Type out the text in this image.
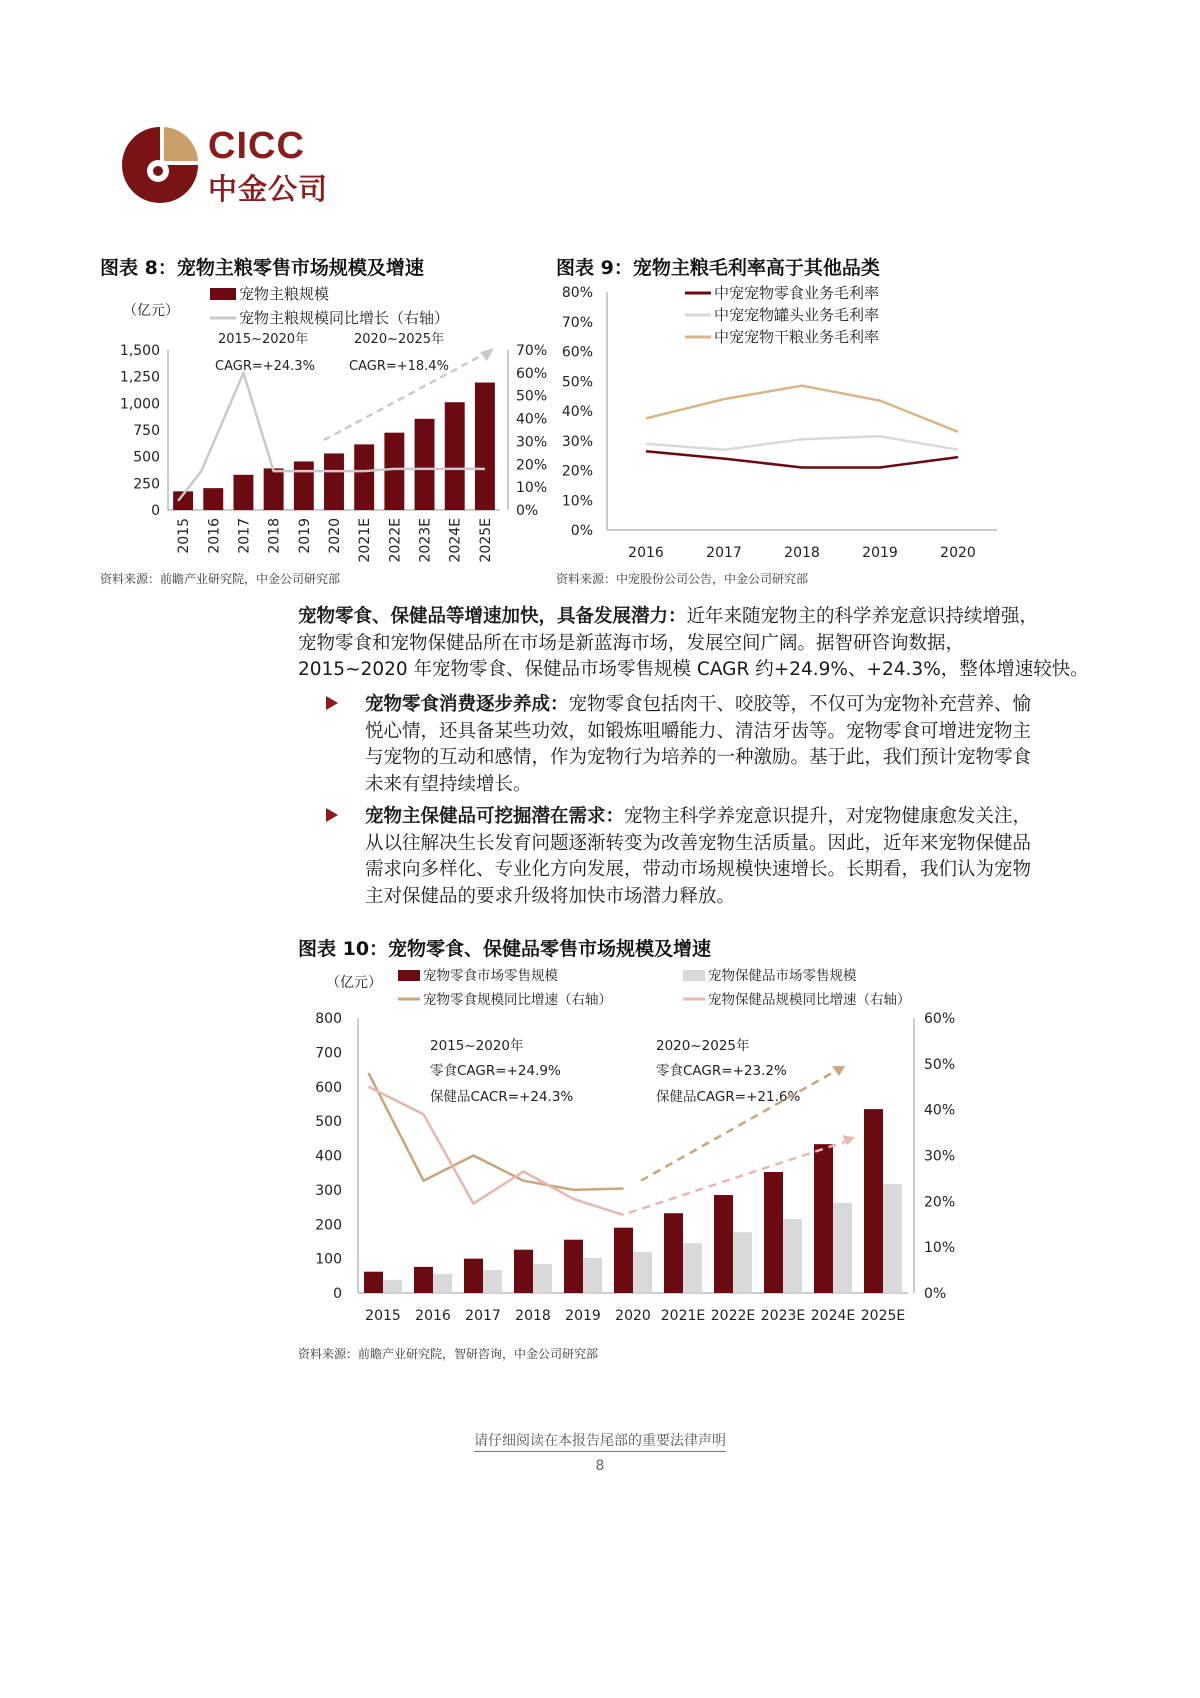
CICC
中金公司
图表 8：宠物主粮零售市场规模及增速
宠物主粮规模
宠物主粮规模同比增长（右轴）
（亿元）
2015~2020年
CAGR=+24.3%
2020~2025年
CAGR=+18.4%
1,500
1,250
1,000
750
500
250
0
70%
60%
50%
40%
30%
20%
10%
0%
2015 2016 2017 2018 2019 2020 2021E 2022E 2023E 2024E 2025E
资料来源：前瞻产业研究院，中金公司研究部
图表 9：宠物主粮毛利率高于其他品类
中宠宠物零食业务毛利率
中宠宠物罐头业务毛利率
中宠宠物干粮业务毛利率
80%
70%
60%
50%
40%
30%
20%
10%
0%
2016	2017	2018	2019	2020
资料来源：中宠股份公司公告，中金公司研究部
宠物零食、保健品等增速加快，具备发展潜力：近年来随宠物主的科学养宠意识持续增强，
宠物零食和宠物保健品所在市场是新蓝海市场，发展空间广阔。据智研咨询数据，
2015~2020 年宠物零食、保健品市场零售规模 CAGR 约+24.9%、+24.3%，整体增速较快。
宠物零食消费逐步养成：宠物零食包括肉干、咬胶等，不仅可为宠物补充营养、愉
悦心情，还具备某些功效，如锻炼咀嚼能力、清洁牙齿等。宠物零食可增进宠物主
与宠物的互动和感情，作为宠物行为培养的一种激励。基于此，我们预计宠物零食
未来有望持续增长。
宠物主保健品可挖掘潜在需求：宠物主科学养宠意识提升，对宠物健康愈发关注，
从以往解决生长发育问题逐渐转变为改善宠物生活质量。因此，近年来宠物保健品
需求向多样化、专业化方向发展，带动市场规模快速增长。长期看，我们认为宠物
主对保健品的要求升级将加快市场潜力释放。
图表 10：宠物零食、保健品零售市场规模及增速
（亿元）	宠物零食市场零售规模	宠物保健品市场零售规模
宠物零食规模同比增速（右轴）	宠物保健品规模同比增速（右轴）
2015~2020年
零食CAGR=+24.9%
保健品CACR=+24.3%
2020~2025年
零食CAGR=+23.2%
保健品CAGR=+21.6%
800
700
600
500
400
300
200
100
0
60%
50%
40%
30%
20%
10%
0%
2015 2016 2017 2018 2019 2020 2021E 2022E 2023E 2024E 2025E
资料来源：前瞻产业研究院，智研咨询，中金公司研究部
请仔细阅读在本报告尾部的重要法律声明
8
